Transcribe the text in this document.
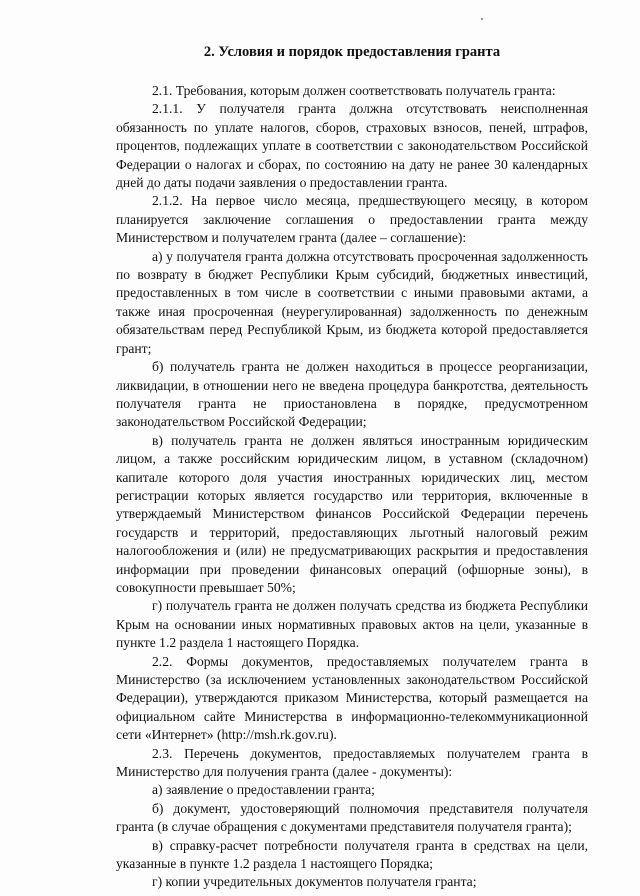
2. Условия и порядок предоставления гранта

2.1. Требования, которым должен соответствовать получатель гранта:

2.1.1. У получателя гранта должна отсутствовать неисполненная обязанность по уплате налогов, сборов, страховых взносов, пеней, штрафов, процентов, подлежащих уплате в соответствии с законодательством Российской Федерации о налогах и сборах, по состоянию на дату не ранее 30 календарных дней до даты подачи заявления о предоставлении гранта.

2.1.2. На первое число месяца, предшествующего месяцу, в котором планируется заключение соглашения о предоставлении гранта между Министерством и получателем гранта (далее – соглашение):

а) у получателя гранта должна отсутствовать просроченная задолженность по возврату в бюджет Республики Крым субсидий, бюджетных инвестиций, предоставленных в том числе в соответствии с иными правовыми актами, а также иная просроченная (неурегулированная) задолженность по денежным обязательствам перед Республикой Крым, из бюджета которой предоставляется грант;

б) получатель гранта не должен находиться в процессе реорганизации, ликвидации, в отношении него не введена процедура банкротства, деятельность получателя гранта не приостановлена в порядке, предусмотренном законодательством Российской Федерации;

в) получатель гранта не должен являться иностранным юридическим лицом, а также российским юридическим лицом, в уставном (складочном) капитале которого доля участия иностранных юридических лиц, местом регистрации которых является государство или территория, включенные в утверждаемый Министерством финансов Российской Федерации перечень государств и территорий, предоставляющих льготный налоговый режим налогообложения и (или) не предусматривающих раскрытия и предоставления информации при проведении финансовых операций (офшорные зоны), в совокупности превышает 50%;

г) получатель гранта не должен получать средства из бюджета Республики Крым на основании иных нормативных правовых актов на цели, указанные в пункте 1.2 раздела 1 настоящего Порядка.

2.2. Формы документов, предоставляемых получателем гранта в Министерство (за исключением установленных законодательством Российской Федерации), утверждаются приказом Министерства, который размещается на официальном сайте Министерства в информационно-телекоммуникационной сети «Интернет» (http://msh.rk.gov.ru).

2.3. Перечень документов, предоставляемых получателем гранта в Министерство для получения гранта (далее - документы):

а) заявление о предоставлении гранта;

б) документ, удостоверяющий полномочия представителя получателя гранта (в случае обращения с документами представителя получателя гранта);

в) справку-расчет потребности получателя гранта в средствах на цели, указанные в пункте 1.2 раздела 1 настоящего Порядка;

г) копии учредительных документов получателя гранта;
